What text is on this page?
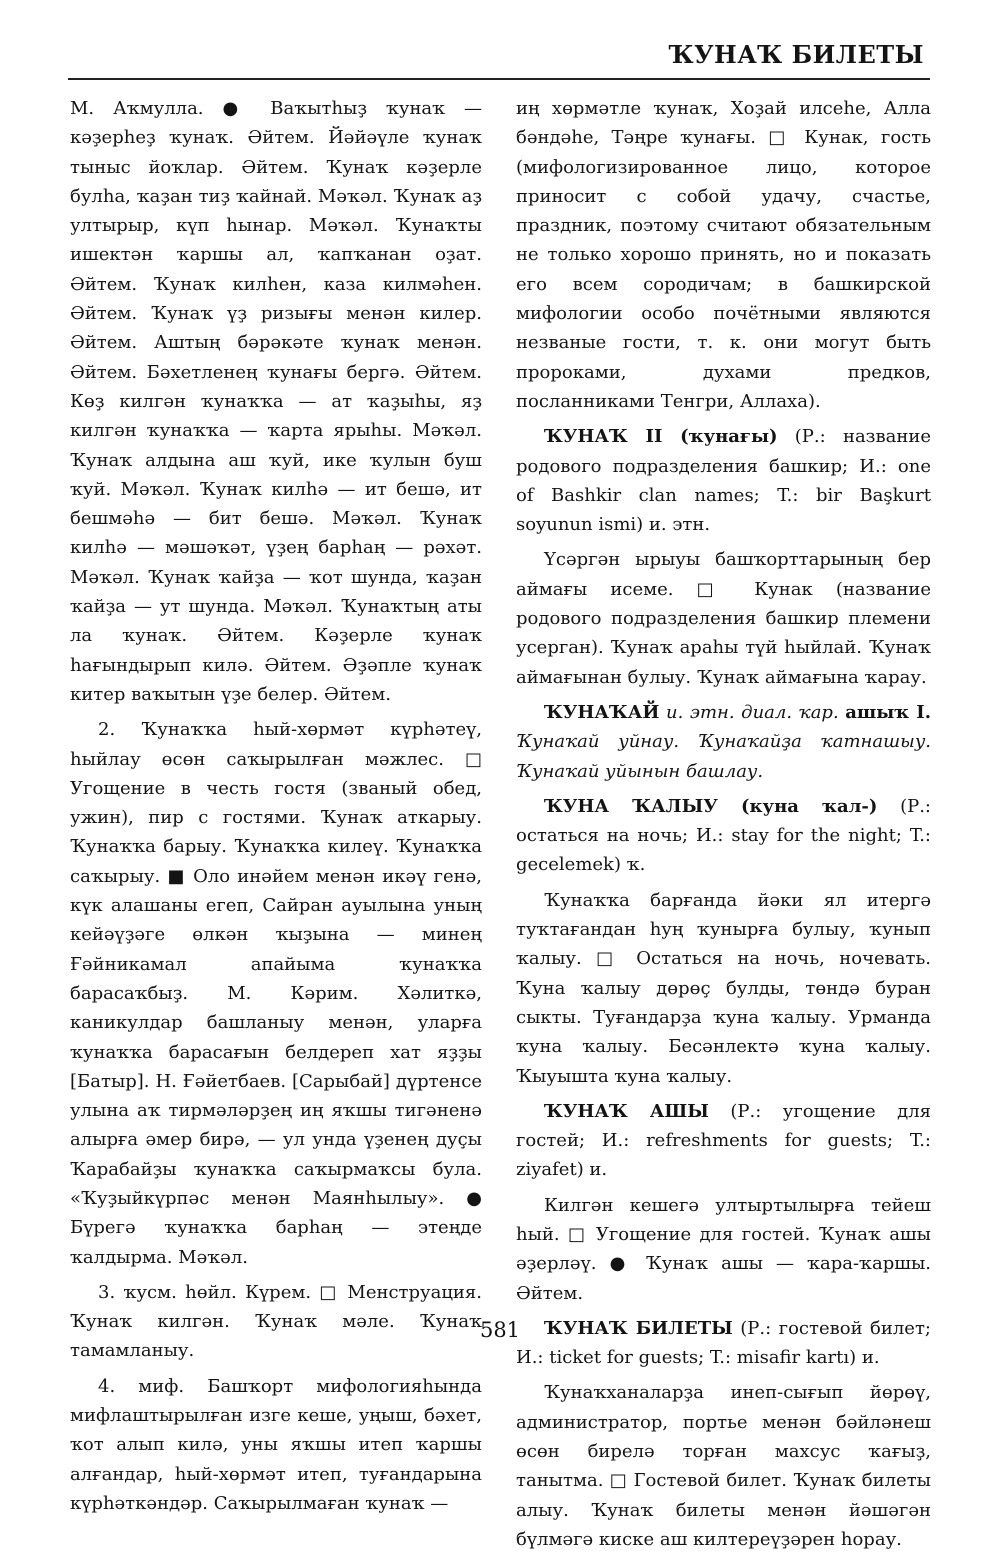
ҠУНАҠ БИЛЕТЫ

М. Аҡмулла. ● Ваҡытһыҙ ҡунаҡ — кәҙерһеҙ ҡунаҡ. Әйтем. Йәйәүле ҡунаҡ тыныс йоҡлар. Әйтем. Ҡунаҡ кәҙерле булһа, ҡаҙан тиҙ ҡайнай. Мәҡәл. Ҡунаҡ аҙ ултырыр, күп һынар. Мәҡәл. Ҡунаҡты ишектән ҡаршы ал, ҡапҡанан оҙат. Әйтем. Ҡунаҡ килһен, каза килмәһен. Әйтем. Ҡунаҡ үҙ ризығы менән килер. Әйтем. Аштың бәрәкәте ҡунаҡ менән. Әйтем. Бәхетленең ҡунағы бергә. Әйтем. Көҙ килгән ҡунаҡҡа — ат ҡаҙыһы, яҙ килгән ҡунаҡҡа — ҡарта ярыһы. Мәҡәл. Ҡунаҡ алдына аш ҡуй, ике ҡулын буш ҡуй. Мәҡәл. Ҡунаҡ килһә — ит бешә, ит бешмәһә — бит бешә. Мәҡәл. Ҡунаҡ килһә — мәшәҡәт, үҙең барһаң — рәхәт. Мәҡәл. Ҡунаҡ ҡайҙа — ҡот шунда, ҡаҙан ҡайҙа — ут шунда. Мәҡәл. Ҡунаҡтың аты ла ҡунаҡ. Әйтем. Кәҙерле ҡунаҡ һағындырып килә. Әйтем. Әҙәпле ҡунаҡ китер ваҡытын үҙе белер. Әйтем.

2. Ҡунаҡҡа һый-хөрмәт күрһәтеү, һыйлау өсөн саҡырылған мәжлес. □ Угощение в честь гостя (званый обед, ужин), пир с гостями. Ҡунаҡ аткарыу. Ҡунаҡҡа барыу. Ҡунаҡҡа килеү. Ҡунаҡҡа саҡырыу. ■ Оло инәйем менән икәү генә, күк алашаны егеп, Сайран ауылына уның кейәүҙәге өлкән ҡыҙына — минең Ғәйникамал апайыма ҡунаҡҡа барасаҡбыҙ. М. Кәрим. Хәлиткә, каникулдар башланыу менән, уларға ҡунаҡҡа барасағын белдереп хат яҙҙы [Батыр]. Н. Ғәйетбаев. [Сарыбай] дүртенсе улына аҡ тирмәләрҙең иң яҡшы тигәненә алырға әмер бирә, — ул унда үҙенең дуҫы Ҡарабайҙы ҡунаҡҡа саҡырмаҡсы була. «Ҡуҙыйкүрпәс менән Маянһылыу». ● Бүрегә ҡунаҡҡа барһаң — этеңде ҡалдырма. Мәҡәл.

3. ҡусм. һөйл. Күрем. □ Менструация. Ҡунаҡ килгән. Ҡунаҡ мәле. Ҡунаҡ тамамланыу.

4. миф. Башҡорт мифологияһында мифлаштырылған изге кеше, уңыш, бәхет, ҡот алып килә, уны яҡшы итеп ҡаршы алғандар, һый-хөрмәт итеп, туғандарына күрһәткәндәр. Саҡырылмаған ҡунаҡ —

иң хөрмәтле ҡунаҡ, Хоҙай илсеһе, Алла бәндәһе, Тәңре ҡунағы. □ Кунак, гость (мифологизированное лицо, которое приносит с собой удачу, счастье, праздник, поэтому считают обязательным не только хорошо принять, но и показать его всем сородичам; в башкирской мифологии особо почётными являются незваные гости, т. к. они могут быть пророками, духами предков, посланниками Тенгри, Аллаха).

ҠУНАҠ II (ҡунағы) (Р.: название родового подразделения башкир; И.: one of Bashkir clan names; T.: bir Başkurt soyunun ismi) и. этн.

Үсәргән ырыуы башҡорттарының бер аймағы исеме. □ Кунак (название родового подразделения башкир племени усерган). Ҡунаҡ араһы түй һыйлай. Ҡунаҡ аймағынан булыу. Ҡунаҡ аймағына ҡарау.

ҠУНАҠАЙ и. этн. диал. ҡар. ашыҡ I. Ҡунаҡай уйнау. Ҡунаҡайҙа ҡатнашыу. Ҡунаҡай уйынын башлау.

ҠУНА ҠАЛЫУ (куна ҡал-) (Р.: остаться на ночь; И.: stay for the night; T.: gecelemek) ҡ.

Ҡунаҡҡа барғанда йәки ял итергә туҡтағандан һуң ҡунырға булыу, ҡунып ҡалыу. □ Остаться на ночь, ночевать. Ҡуна ҡалыу дөрөҫ булды, төндә буран сыкты. Туғандарҙа ҡуна ҡалыу. Урманда ҡуна ҡалыу. Бесәнлектә ҡуна ҡалыу. Ҡыуышта ҡуна ҡалыу.

ҠУНАҠ АШЫ (Р.: угощение для гостей; И.: refreshments for guests; T.: ziyafet) и.

Килгән кешегә ултыртылырға тейеш һый. □ Угощение для гостей. Ҡунаҡ ашы әҙерләү. ● Ҡунаҡ ашы — ҡара-ҡаршы. Әйтем.

ҠУНАҠ БИЛЕТЫ (Р.: гостевой билет; И.: ticket for guests; T.: misafir kartı) и.

Ҡунаҡханаларҙа инеп-сығып йөрөү, администратор, портье менән бәйләнеш өсөн бирелә торған махсус ҡағыҙ, танытма. □ Гостевой билет. Ҡунаҡ билеты алыу. Ҡунаҡ билеты менән йәшәгән бүлмәгә киске аш килтереүҙәрен һорау.

581
